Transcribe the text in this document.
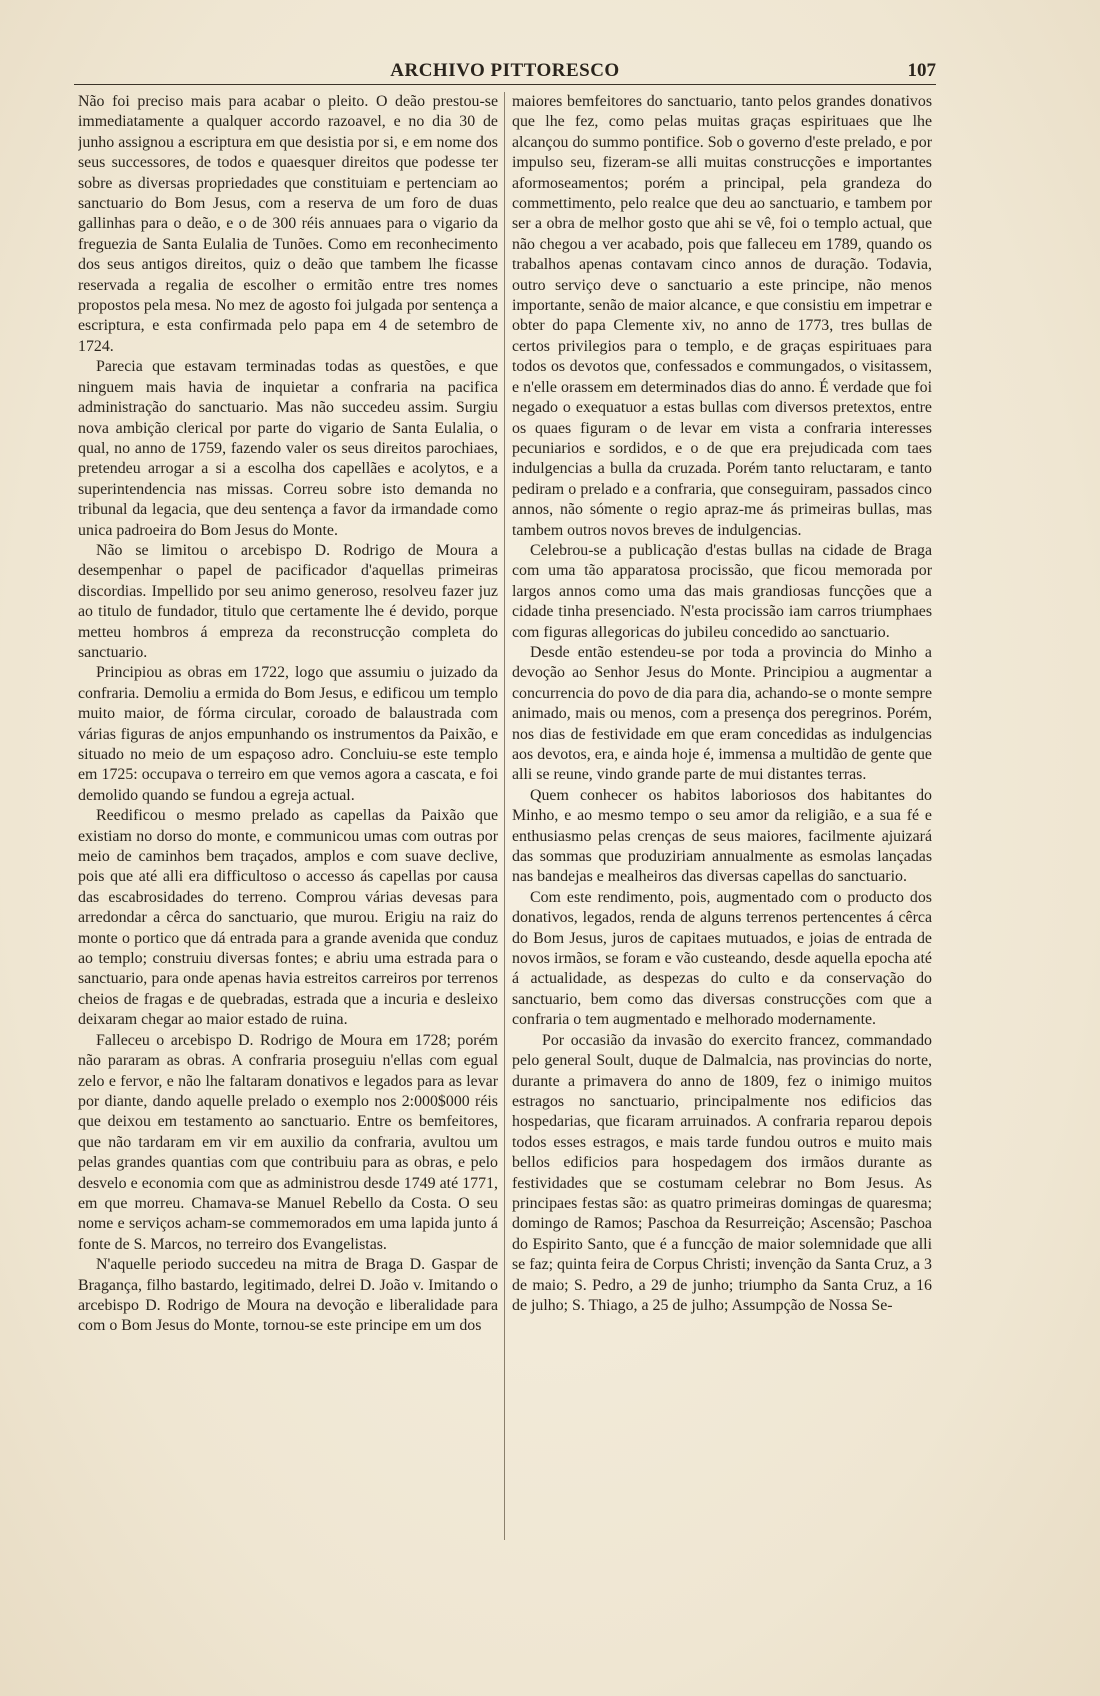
ARCHIVO PITTORESCO	107

Não foi preciso mais para acabar o pleito. O deão prestou-se immediatamente a qualquer accordo razoavel, e no dia 30 de junho assignou a escriptura em que desistia por si, e em nome dos seus successores, de todos e quaesquer direitos que podesse ter sobre as diversas propriedades que constituiam e pertenciam ao sanctuario do Bom Jesus, com a reserva de um foro de duas gallinhas para o deão, e o de 300 réis annuaes para o vigario da freguezia de Santa Eulalia de Tunões. Como em reconhecimento dos seus antigos direitos, quiz o deão que tambem lhe ficasse reservada a regalia de escolher o ermitão entre tres nomes propostos pela mesa. No mez de agosto foi julgada por sentença a escriptura, e esta confirmada pelo papa em 4 de setembro de 1724.

Parecia que estavam terminadas todas as questões, e que ninguem mais havia de inquietar a confraria na pacifica administração do sanctuario. Mas não succedeu assim. Surgiu nova ambição clerical por parte do vigario de Santa Eulalia, o qual, no anno de 1759, fazendo valer os seus direitos parochiaes, pretendeu arrogar a si a escolha dos capellães e acolytos, e a superintendencia nas missas. Correu sobre isto demanda no tribunal da legacia, que deu sentença a favor da irmandade como unica padroeira do Bom Jesus do Monte.

Não se limitou o arcebispo D. Rodrigo de Moura a desempenhar o papel de pacificador d'aquellas primeiras discordias. Impellido por seu animo generoso, resolveu fazer juz ao titulo de fundador, titulo que certamente lhe é devido, porque metteu hombros á empreza da reconstrucção completa do sanctuario.

Principiou as obras em 1722, logo que assumiu o juizado da confraria. Demoliu a ermida do Bom Jesus, e edificou um templo muito maior, de fórma circular, coroado de balaustrada com várias figuras de anjos empunhando os instrumentos da Paixão, e situado no meio de um espaçoso adro. Concluiu-se este templo em 1725: occupava o terreiro em que vemos agora a cascata, e foi demolido quando se fundou a egreja actual.

Reedificou o mesmo prelado as capellas da Paixão que existiam no dorso do monte, e communicou umas com outras por meio de caminhos bem traçados, amplos e com suave declive, pois que até alli era difficultoso o accesso ás capellas por causa das escabrosidades do terreno. Comprou várias devesas para arredondar a cêrca do sanctuario, que murou. Erigiu na raiz do monte o portico que dá entrada para a grande avenida que conduz ao templo; construiu diversas fontes; e abriu uma estrada para o sanctuario, para onde apenas havia estreitos carreiros por terrenos cheios de fragas e de quebradas, estrada que a incuria e desleixo deixaram chegar ao maior estado de ruina.

Falleceu o arcebispo D. Rodrigo de Moura em 1728; porém não pararam as obras. A confraria proseguiu n'ellas com egual zelo e fervor, e não lhe faltaram donativos e legados para as levar por diante, dando aquelle prelado o exemplo nos 2:000$000 réis que deixou em testamento ao sanctuario. Entre os bemfeitores, que não tardaram em vir em auxilio da confraria, avultou um pelas grandes quantias com que contribuiu para as obras, e pelo desvelo e economia com que as administrou desde 1749 até 1771, em que morreu. Chamava-se Manuel Rebello da Costa. O seu nome e serviços acham-se commemorados em uma lapida junto á fonte de S. Marcos, no terreiro dos Evangelistas.

N'aquelle periodo succedeu na mitra de Braga D. Gaspar de Bragança, filho bastardo, legitimado, delrei D. João v. Imitando o arcebispo D. Rodrigo de Moura na devoção e liberalidade para com o Bom Jesus do Monte, tornou-se este principe em um dos

maiores bemfeitores do sanctuario, tanto pelos grandes donativos que lhe fez, como pelas muitas graças espirituaes que lhe alcançou do summo pontifice. Sob o governo d'este prelado, e por impulso seu, fizeram-se alli muitas construcções e importantes aformoseamentos; porém a principal, pela grandeza do commettimento, pelo realce que deu ao sanctuario, e tambem por ser a obra de melhor gosto que ahi se vê, foi o templo actual, que não chegou a ver acabado, pois que falleceu em 1789, quando os trabalhos apenas contavam cinco annos de duração. Todavia, outro serviço deve o sanctuario a este principe, não menos importante, senão de maior alcance, e que consistiu em impetrar e obter do papa Clemente xiv, no anno de 1773, tres bullas de certos privilegios para o templo, e de graças espirituaes para todos os devotos que, confessados e commungados, o visitassem, e n'elle orassem em determinados dias do anno. É verdade que foi negado o exequatuor a estas bullas com diversos pretextos, entre os quaes figuram o de levar em vista a confraria interesses pecuniarios e sordidos, e o de que era prejudicada com taes indulgencias a bulla da cruzada. Porém tanto reluctaram, e tanto pediram o prelado e a confraria, que conseguiram, passados cinco annos, não sómente o regio apraz-me ás primeiras bullas, mas tambem outros novos breves de indulgencias.

Celebrou-se a publicação d'estas bullas na cidade de Braga com uma tão apparatosa procissão, que ficou memorada por largos annos como uma das mais grandiosas funcções que a cidade tinha presenciado. N'esta procissão iam carros triumphaes com figuras allegoricas do jubileu concedido ao sanctuario.

Desde então estendeu-se por toda a provincia do Minho a devoção ao Senhor Jesus do Monte. Principiou a augmentar a concurrencia do povo de dia para dia, achando-se o monte sempre animado, mais ou menos, com a presença dos peregrinos. Porém, nos dias de festividade em que eram concedidas as indulgencias aos devotos, era, e ainda hoje é, immensa a multidão de gente que alli se reune, vindo grande parte de mui distantes terras.

Quem conhecer os habitos laboriosos dos habitantes do Minho, e ao mesmo tempo o seu amor da religião, e a sua fé e enthusiasmo pelas crenças de seus maiores, facilmente ajuizará das sommas que produziriam annualmente as esmolas lançadas nas bandejas e mealheiros das diversas capellas do sanctuario.

Com este rendimento, pois, augmentado com o producto dos donativos, legados, renda de alguns terrenos pertencentes á cêrca do Bom Jesus, juros de capitaes mutuados, e joias de entrada de novos irmãos, se foram e vão custeando, desde aquella epocha até á actualidade, as despezas do culto e da conservação do sanctuario, bem como das diversas construcções com que a confraria o tem augmentado e melhorado modernamente.

Por occasião da invasão do exercito francez, commandado pelo general Soult, duque de Dalmalcia, nas provincias do norte, durante a primavera do anno de 1809, fez o inimigo muitos estragos no sanctuario, principalmente nos edificios das hospedarias, que ficaram arruinados. A confraria reparou depois todos esses estragos, e mais tarde fundou outros e muito mais bellos edificios para hospedagem dos irmãos durante as festividades que se costumam celebrar no Bom Jesus. As principaes festas são: as quatro primeiras domingas de quaresma; domingo de Ramos; Paschoa da Resurreição; Ascensão; Paschoa do Espirito Santo, que é a funcção de maior solemnidade que alli se faz; quinta feira de Corpus Christi; invenção da Santa Cruz, a 3 de maio; S. Pedro, a 29 de junho; triumpho da Santa Cruz, a 16 de julho; S. Thiago, a 25 de julho; Assumpção de Nossa Se-
